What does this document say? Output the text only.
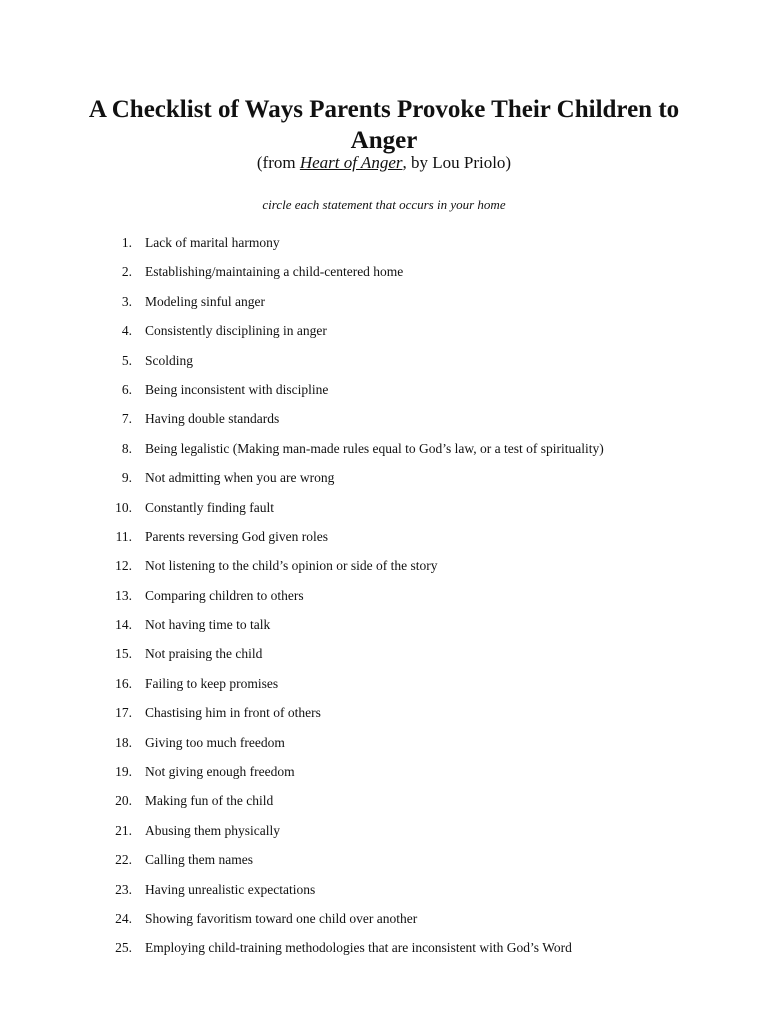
A Checklist of Ways Parents Provoke Their Children to Anger

(from Heart of Anger, by Lou Priolo)

circle each statement that occurs in your home

1. Lack of marital harmony
2. Establishing/maintaining a child-centered home
3. Modeling sinful anger
4. Consistently disciplining in anger
5. Scolding
6. Being inconsistent with discipline
7. Having double standards
8. Being legalistic (Making man-made rules equal to God’s law, or a test of spirituality)
9. Not admitting when you are wrong
10. Constantly finding fault
11. Parents reversing God given roles
12. Not listening to the child’s opinion or side of the story
13. Comparing children to others
14. Not having time to talk
15. Not praising the child
16. Failing to keep promises
17. Chastising him in front of others
18. Giving too much freedom
19. Not giving enough freedom
20. Making fun of the child
21. Abusing them physically
22. Calling them names
23. Having unrealistic expectations
24. Showing favoritism toward one child over another
25. Employing child-training methodologies that are inconsistent with God’s Word
